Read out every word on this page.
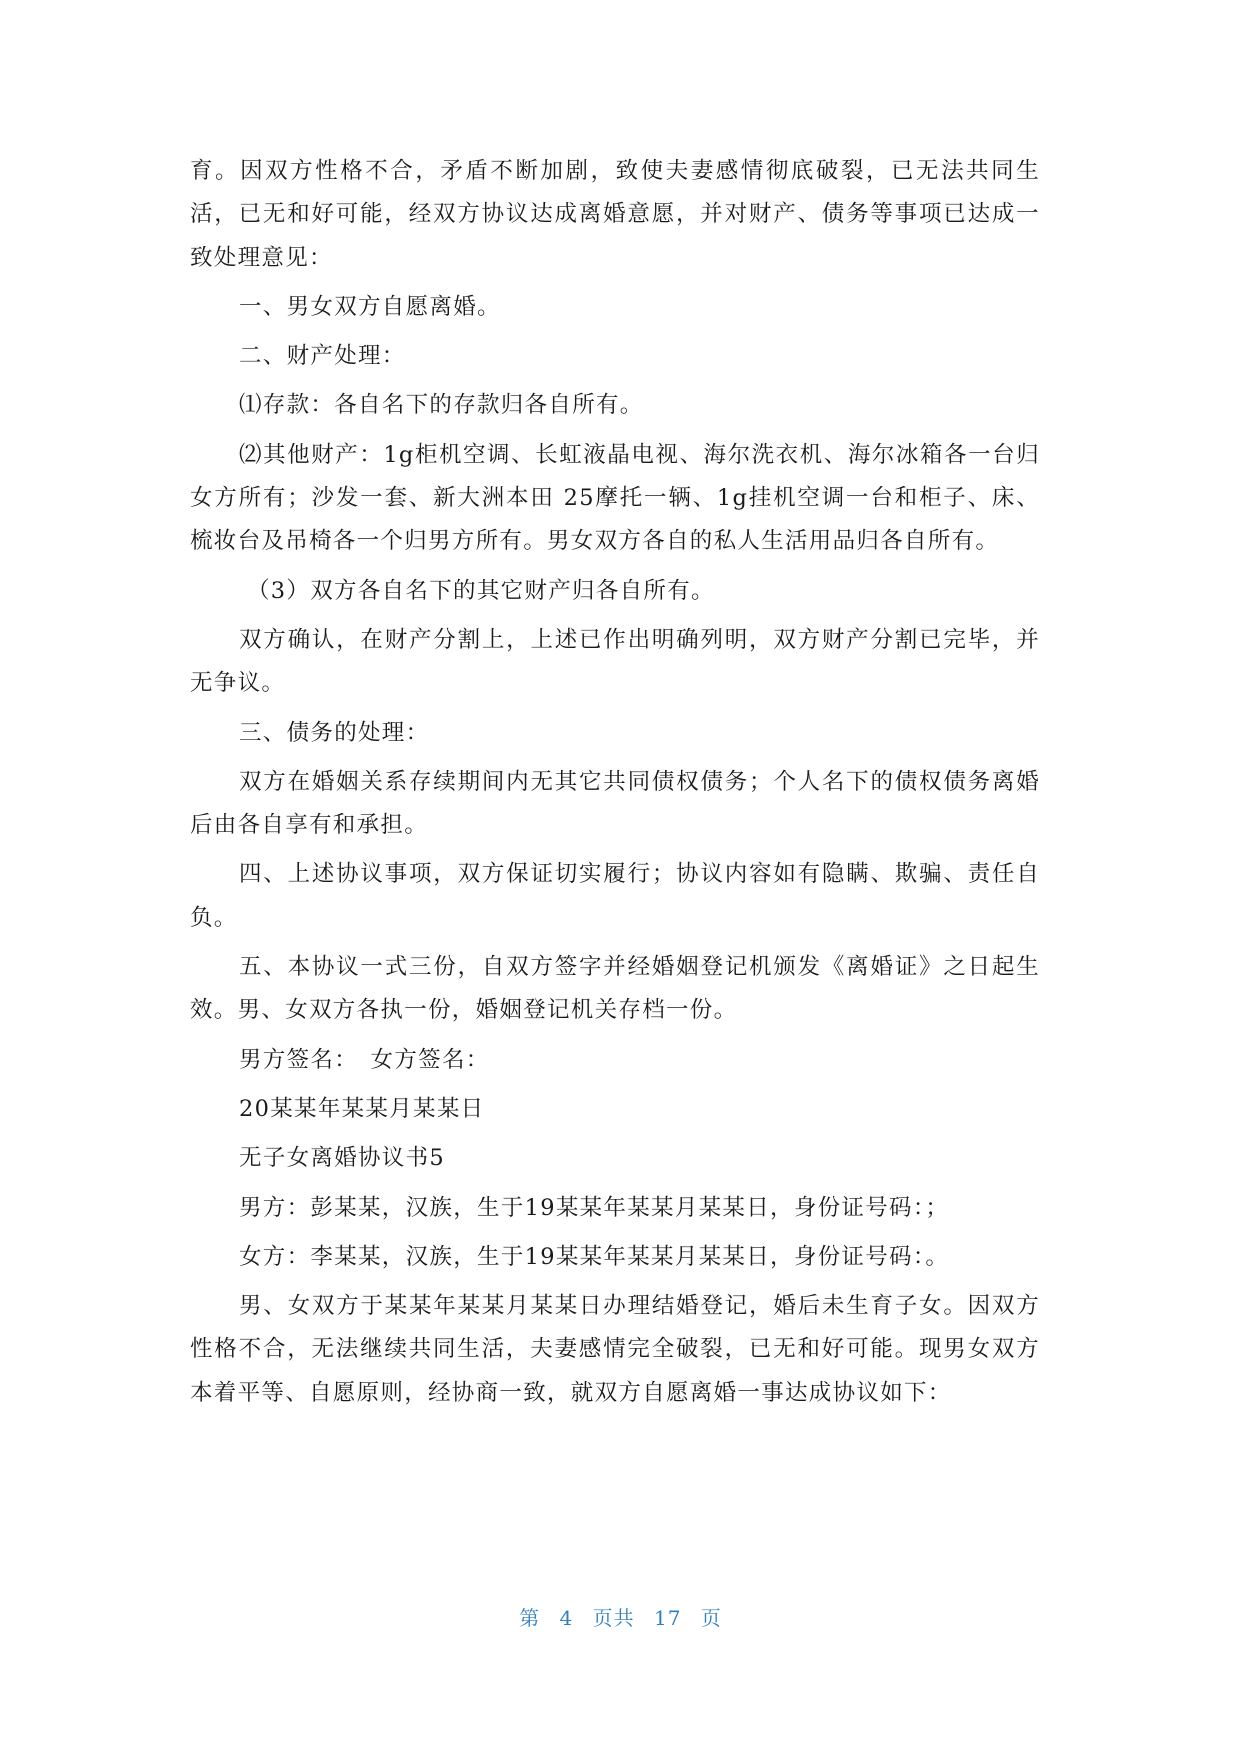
育。因双方性格不合，矛盾不断加剧，致使夫妻感情彻底破裂，已无法共同生活，已无和好可能，经双方协议达成离婚意愿，并对财产、债务等事项已达成一致处理意见：

一、男女双方自愿离婚。

二、财产处理：

⑴存款：各自名下的存款归各自所有。

⑵其他财产：1g柜机空调、长虹液晶电视、海尔洗衣机、海尔冰箱各一台归女方所有；沙发一套、新大洲本田 25摩托一辆、1g挂机空调一台和柜子、床、梳妆台及吊椅各一个归男方所有。男女双方各自的私人生活用品归各自所有。

（3）双方各自名下的其它财产归各自所有。

双方确认，在财产分割上，上述已作出明确列明，双方财产分割已完毕，并无争议。

三、债务的处理：

双方在婚姻关系存续期间内无其它共同债权债务；个人名下的债权债务离婚后由各自享有和承担。

四、上述协议事项，双方保证切实履行；协议内容如有隐瞒、欺骗、责任自负。

五、本协议一式三份，自双方签字并经婚姻登记机颁发《离婚证》之日起生效。男、女双方各执一份，婚姻登记机关存档一份。

男方签名：　女方签名：

20某某年某某月某某日

无子女离婚协议书5

男方：彭某某，汉族，生于19某某年某某月某某日，身份证号码：；

女方：李某某，汉族，生于19某某年某某月某某日，身份证号码：。

男、女双方于某某年某某月某某日办理结婚登记，婚后未生育子女。因双方性格不合，无法继续共同生活，夫妻感情完全破裂，已无和好可能。现男女双方本着平等、自愿原则，经协商一致，就双方自愿离婚一事达成协议如下：

第 4 页共 17 页
